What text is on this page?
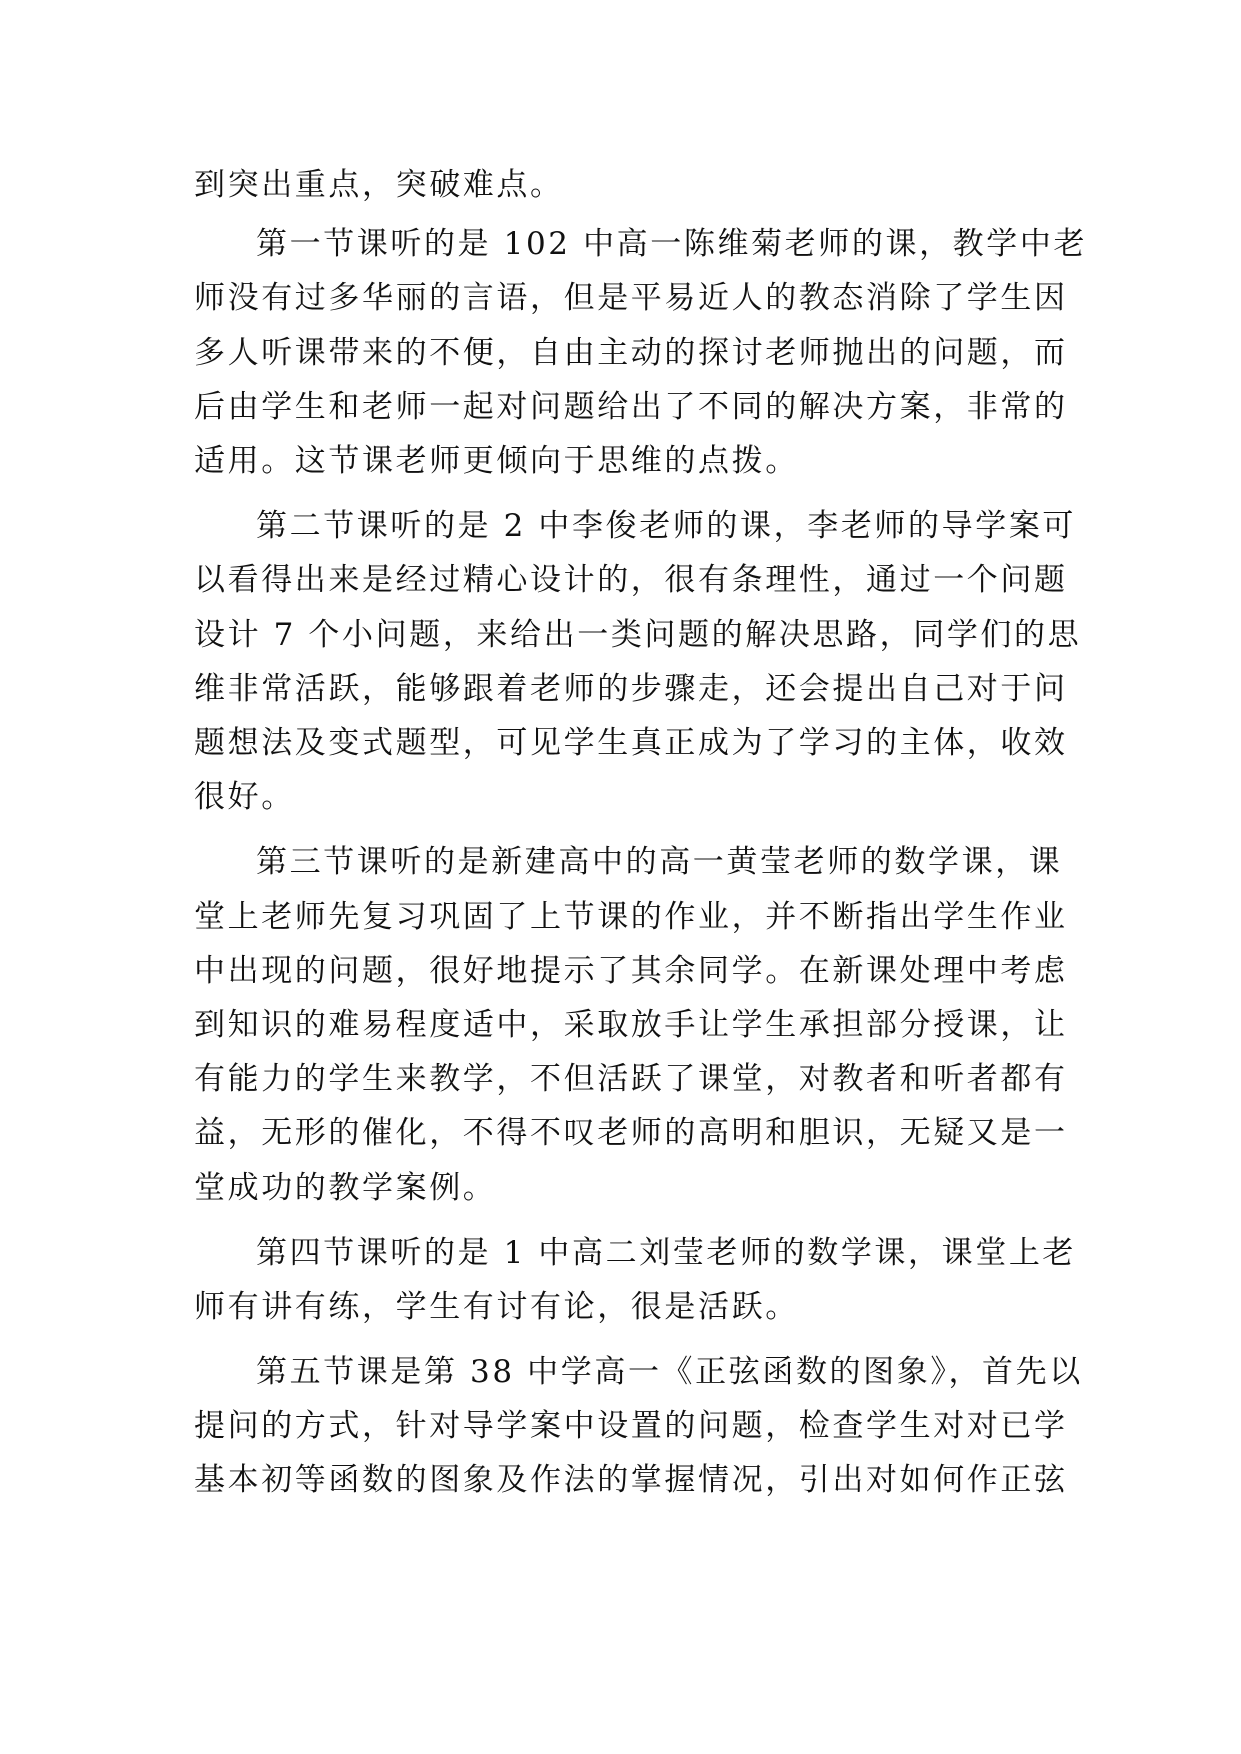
到突出重点，突破难点。
第一节课听的是 102 中高一陈维菊老师的课，教学中老
师没有过多华丽的言语，但是平易近人的教态消除了学生因
多人听课带来的不便，自由主动的探讨老师抛出的问题，而
后由学生和老师一起对问题给出了不同的解决方案，非常的
适用。这节课老师更倾向于思维的点拨。
第二节课听的是 2 中李俊老师的课，李老师的导学案可
以看得出来是经过精心设计的，很有条理性，通过一个问题
设计 7 个小问题，来给出一类问题的解决思路，同学们的思
维非常活跃，能够跟着老师的步骤走，还会提出自己对于问
题想法及变式题型，可见学生真正成为了学习的主体，收效
很好。
第三节课听的是新建高中的高一黄莹老师的数学课，课
堂上老师先复习巩固了上节课的作业，并不断指出学生作业
中出现的问题，很好地提示了其余同学。在新课处理中考虑
到知识的难易程度适中，采取放手让学生承担部分授课，让
有能力的学生来教学，不但活跃了课堂，对教者和听者都有
益，无形的催化，不得不叹老师的高明和胆识，无疑又是一
堂成功的教学案例。
第四节课听的是 1 中高二刘莹老师的数学课，课堂上老
师有讲有练，学生有讨有论，很是活跃。
第五节课是第 38 中学高一《正弦函数的图象》，首先以
提问的方式，针对导学案中设置的问题，检查学生对对已学
基本初等函数的图象及作法的掌握情况，引出对如何作正弦
